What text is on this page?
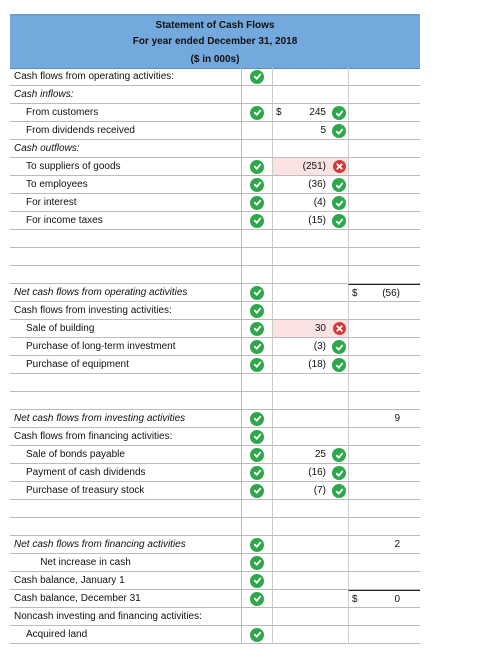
Statement of Cash Flows
For year ended December 31, 2018
($ in 000s)
Cash flows from operating activities:
Cash inflows:
From customers	$	245
From dividends received	5
Cash outflows:
To suppliers of goods	(251)
To employees	(36)
For interest	(4)
For income taxes	(15)
Net cash flows from operating activities	$ (56)
Cash flows from investing activities:
Sale of building	30
Purchase of long-term investment	(3)
Purchase of equipment	(18)
Net cash flows from investing activities	9
Cash flows from financing activities:
Sale of bonds payable	25
Payment of cash dividends	(16)
Purchase of treasury stock	(7)
Net cash flows from financing activities	2
Net increase in cash
Cash balance, January 1
Cash balance, December 31	$	0
Noncash investing and financing activities:
Acquired land
